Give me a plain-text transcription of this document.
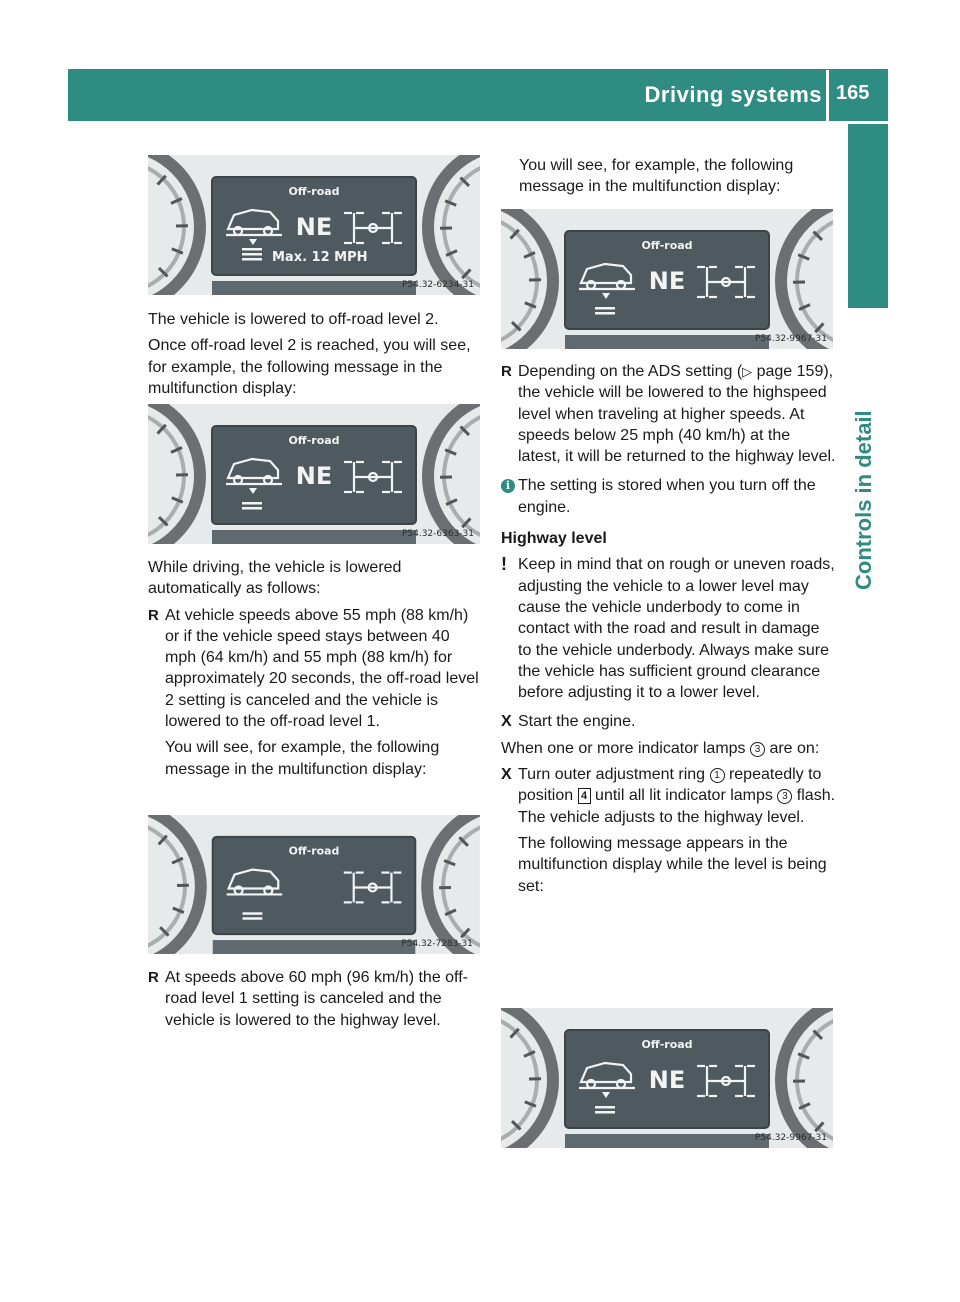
Driving systems 165
Controls in detail
Off-road
NE
Max. 12 MPH
P54.32-6234-31
Off-road
NE
P54.32-6363-31
Off-road
P54.32-7283-31
Off-road
NE
P54.32-9967-31
Off-road
NE
P54.32-9967-31

The vehicle is lowered to off-road level 2.

Once off-road level 2 is reached, you will see, for example, the following message in the multifunction display:

While driving, the vehicle is lowered automatically as follows:

R At vehicle speeds above 55 mph (88 km/h) or if the vehicle speed stays between 40 mph (64 km/h) and 55 mph (88 km/h) for approximately 20 seconds, the off-road level 2 setting is canceled and the vehicle is lowered to the off-road level 1.

You will see, for example, the following message in the multifunction display:

R At speeds above 60 mph (96 km/h) the off-road level 1 setting is canceled and the vehicle is lowered to the highway level.

You will see, for example, the following message in the multifunction display:

R Depending on the ADS setting (▷ page 159), the vehicle will be lowered to the highspeed level when traveling at higher speeds. At speeds below 25 mph (40 km/h) at the latest, it will be returned to the highway level.

i The setting is stored when you turn off the engine.

Highway level

! Keep in mind that on rough or uneven roads, adjusting the vehicle to a lower level may cause the vehicle underbody to come in contact with the road and result in damage to the vehicle underbody. Always make sure the vehicle has sufficient ground clearance before adjusting it to a lower level.

X Start the engine.

When one or more indicator lamps 3 are on:

X Turn outer adjustment ring 1 repeatedly to position 4 until all lit indicator lamps 3 flash.

The vehicle adjusts to the highway level.

The following message appears in the multifunction display while the level is being set:
